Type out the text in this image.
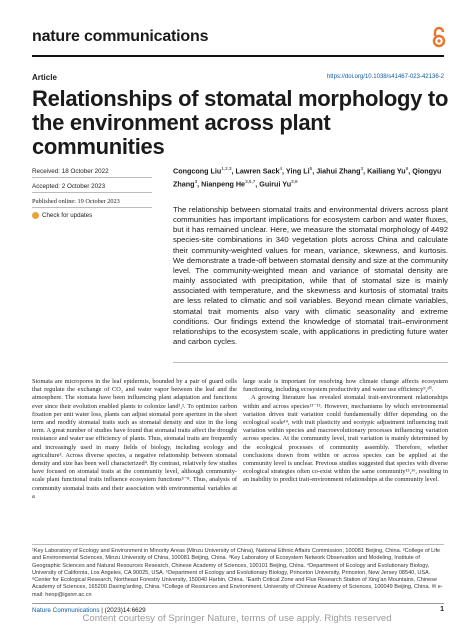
nature communications
Article	https://doi.org/10.1038/s41467-023-42136-2
Relationships of stomatal morphology to the environment across plant communities
Received: 18 October 2022
Accepted: 2 October 2023
Published online: 19 October 2023
Check for updates
Congcong Liu$^{1,2,3}$, Lawren Sack$^4$, Ying Li$^5$, Jiahui Zhang$^3$, Kailiang Yu$^6$, Qiongyu Zhang$^3$, Nianpeng He$^{3,6,7}$, Guirui Yu$^{3,8}$
The relationship between stomatal traits and environmental drivers across plant communities has important implications for ecosystem carbon and water fluxes, but it has remained unclear. Here, we measure the stomatal morphology of 4492 species-site combinations in 340 vegetation plots across China and calculate their community-weighted values for mean, variance, skewness, and kurtosis. We demonstrate a trade-off between stomatal density and size at the community level. The community-weighted mean and variance of stomatal density are mainly associated with precipitation, while that of stomatal size is mainly associated with temperature, and the skewness and kurtosis of stomatal traits are less related to climatic and soil variables. Beyond mean climate variables, stomatal trait moments also vary with climatic seasonality and extreme conditions. Our findings extend the knowledge of stomatal trait–environment relationships to the ecosystem scale, with applications in predicting future water and carbon cycles.

Stomata are micropores in the leaf epidermis, bounded by a pair of guard cells that regulate the exchange of CO₂ and water vapor between the leaf and the atmosphere. The stomata have been influencing plant adaptation and functions ever since their evolution enabled plants to colonize land¹,². To optimize carbon fixation per unit water loss, plants can adjust stomatal pore aperture in the short term and modify stomatal traits such as stomatal density and size in the long term. A great number of studies have found that stomatal traits affect the drought resistance and water use efficiency of plants. Thus, stomatal traits are frequently and increasingly used in many fields of biology, including ecology and agriculture³. Across diverse species, a negative relationship between stomatal density and size has been well characterized⁴. By contrast, relatively few studies have focused on stomatal traits at the community level, although community-scale plant functional traits influence ecosystem functions⁵⁻⁸. Thus, analysis of community stomatal traits and their association with environmental variables at a

large scale is important for resolving how climate change affects ecosystem functioning, including ecosystem productivity and water use efficiency⁹,¹⁰.

A growing literature has revealed stomatal trait-environment relationships within and across species¹¹⁻¹³. However, mechanisms by which environmental variation drives trait variation could fundamentally differ depending on the ecological scale¹⁴, with trait plasticity and ecotypic adjustment influencing trait variation within species and macroevolutionary processes influencing variation across species. At the community level, trait variation is mainly determined by the ecological processes of community assembly. Therefore, whether conclusions drawn from within or across species can be applied at the community level is unclear. Previous studies suggested that species with diverse ecological strategies often co-exist within the same community¹⁵,¹⁶, resulting in an inability to predict trait-environment relationships at the community level.

¹Key Laboratory of Ecology and Environment in Minority Areas (Minzu University of China), National Ethnic Affairs Commission, 100081 Beijing, China. ²College of Life and Environmental Sciences, Minzu University of China, 100081 Beijing, China. ³Key Laboratory of Ecosystem Network Observation and Modeling, Institute of Geographic Sciences and Natural Resources Research, Chinese Academy of Sciences, 100101 Beijing, China. ⁴Department of Ecology and Evolutionary Biology, University of California, Los Angeles, CA 90025, USA. ⁵Department of Ecology and Evolutionary Biology, Princeton University, Princeton, New Jersey 08540, USA. ⁶Center for Ecological Research, Northeast Forestry University, 150040 Harbin, China. ⁷Earth Critical Zone and Flux Research Station of Xing'an Mountains, Chinese Academy of Sciences, 165200 Daxing'anling, China. ⁸College of Resources and Environment, University of Chinese Academy of Sciences, 100049 Beijing, China. ✉ e-mail: henp@igsnrr.ac.cn
Nature Communications | (2023)14:6629	1
Content courtesy of Springer Nature, terms of use apply. Rights reserved
